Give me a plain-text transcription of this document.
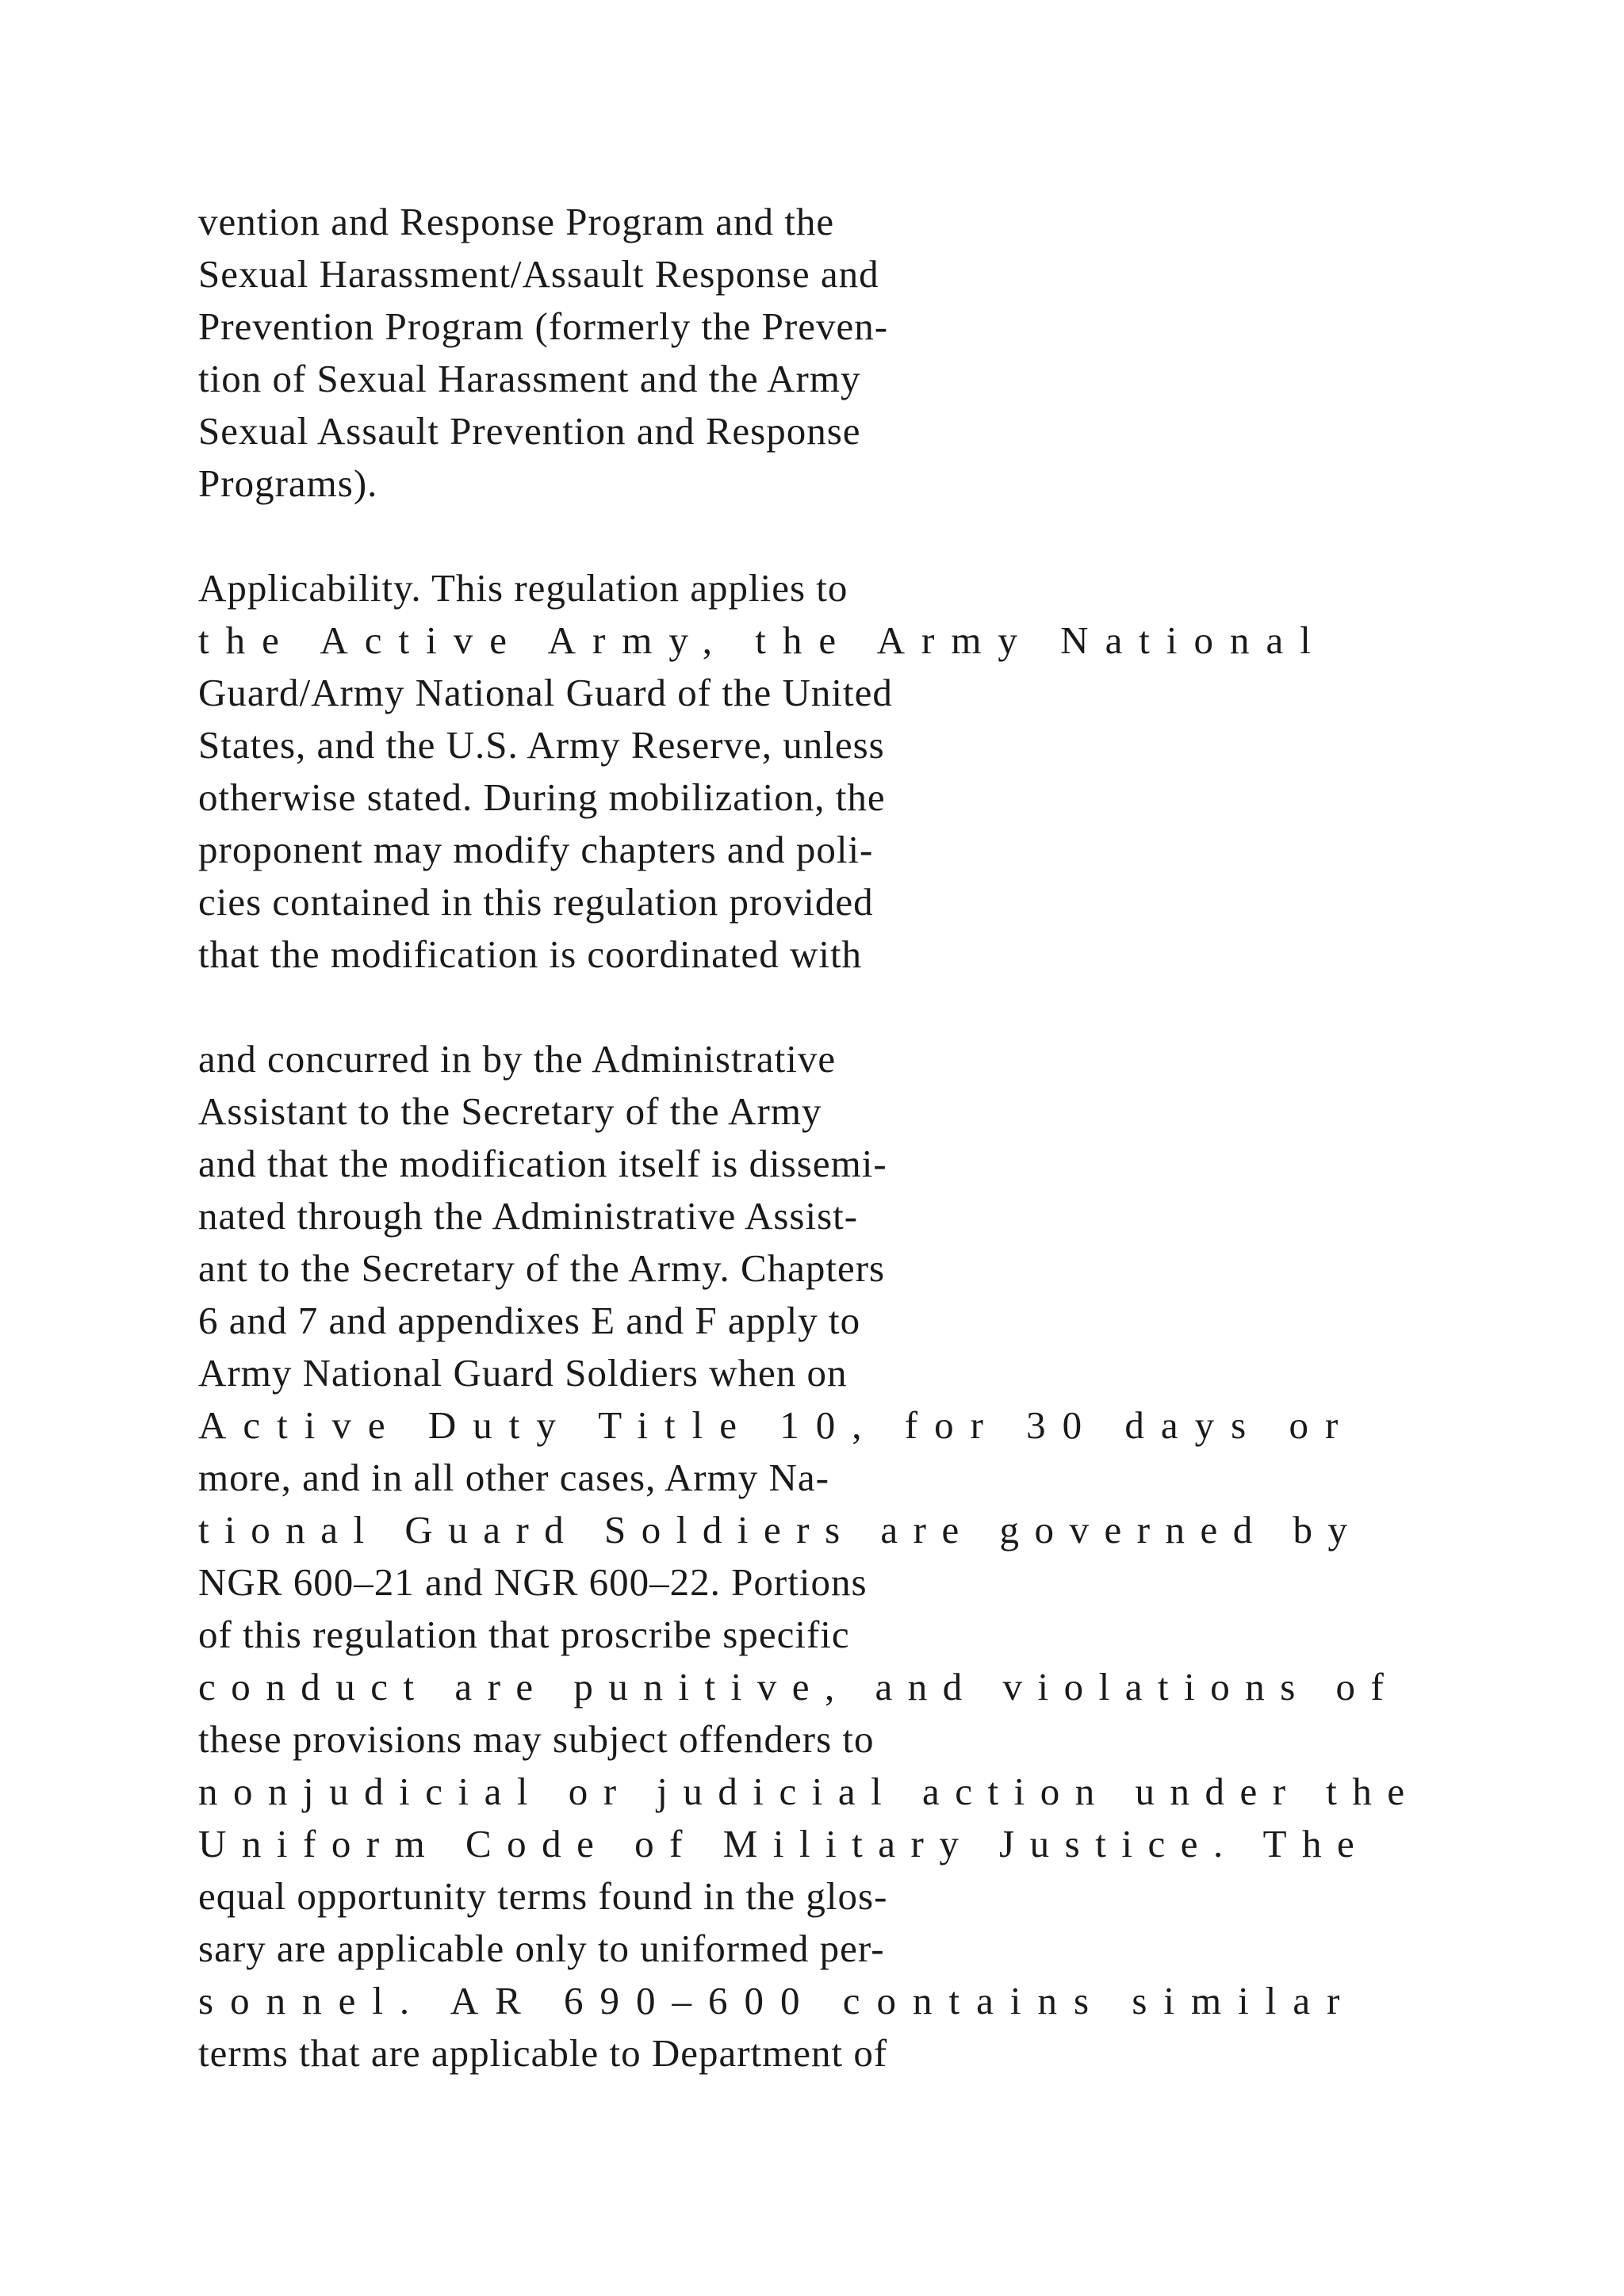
vention and Response Program and the
Sexual Harassment/Assault Response and
Prevention Program (formerly the Preven-
tion of Sexual Harassment and the Army
Sexual Assault Prevention and Response
Programs).
Applicability. This regulation applies to
the Active Army, the Army National
Guard/Army National Guard of the United
States, and the U.S. Army Reserve, unless
otherwise stated. During mobilization, the
proponent may modify chapters and poli-
cies contained in this regulation provided
that the modification is coordinated with
and concurred in by the Administrative
Assistant to the Secretary of the Army
and that the modification itself is dissemi-
nated through the Administrative Assist-
ant to the Secretary of the Army. Chapters
6 and 7 and appendixes E and F apply to
Army National Guard Soldiers when on
Active Duty Title 10, for 30 days or
more, and in all other cases, Army Na-
tional Guard Soldiers are governed by
NGR 600–21 and NGR 600–22. Portions
of this regulation that proscribe specific
conduct are punitive, and violations of
these provisions may subject offenders to
nonjudicial or judicial action under the
Uniform Code of Military Justice. The
equal opportunity terms found in the glos-
sary are applicable only to uniformed per-
sonnel. AR 690–600 contains similar
terms that are applicable to Department of
